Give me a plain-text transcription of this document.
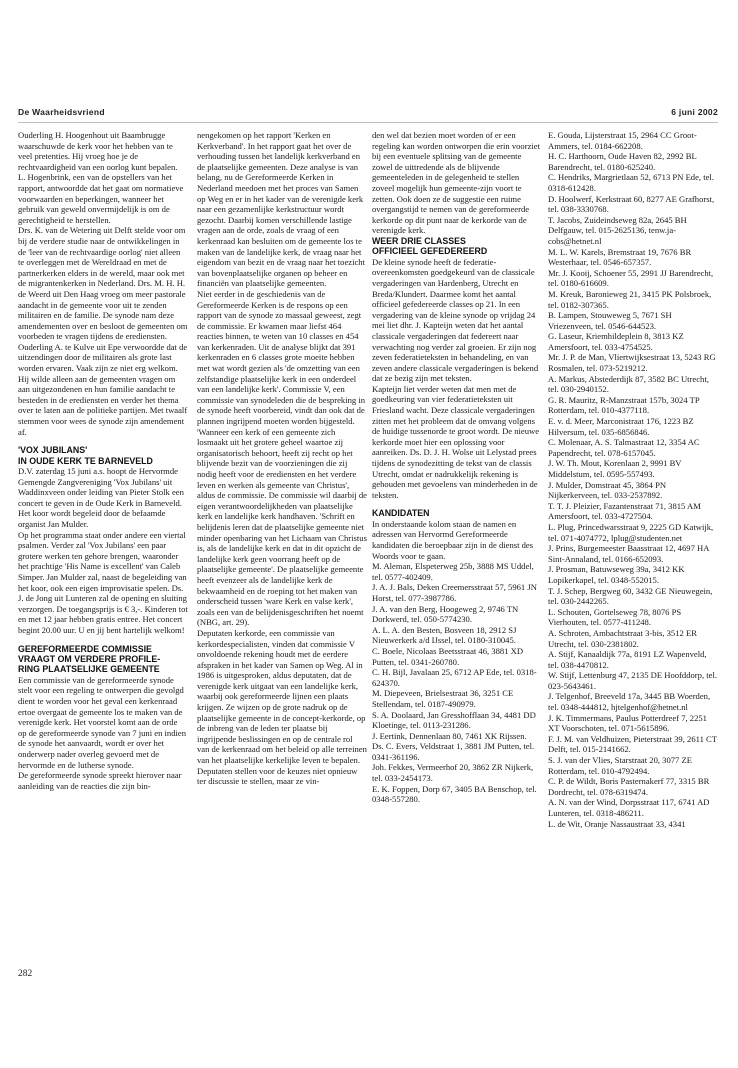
De Waarheidsvriend	6 juni 2002

Ouderling H. Hoogenhout uit Baambrugge waarschuwde de kerk voor het hebben van te veel pretenties. Hij vroeg hoe je de rechtvaardigheid van een oorlog kunt bepalen.

L. Hogenbrink, een van de opstellers van het rapport, antwoordde dat het gaat om normatieve voorwaarden en beperkingen, wanneer het gebruik van geweld onvermijdelijk is om de gerechtigheid te herstellen.

Drs. K. van de Wetering uit Delft stelde voor om bij de verdere studie naar de ontwikkelingen in de 'leer van de rechtvaardige oorlog' niet alleen te overleggen met de Wereldraad en met de partnerkerken elders in de wereld, maar ook met de migrantenkerken in Nederland. Drs. M. H. H. de Weerd uit Den Haag vroeg om meer pastorale aandacht in de gemeente voor uit te zenden militairen en de familie. De synode nam deze amendementen over en besloot de gemeenten om voorbeden te vragen tijdens de erediensten.

Ouderling A. te Kulve uit Epe verwoordde dat de uitzendingen door de militairen als grote last worden ervaren. Vaak zijn ze niet erg welkom. Hij wilde alleen aan de gemeenten vragen om aan uitgezondenen en hun familie aandacht te besteden in de erediensten en verder het thema over te laten aan de politieke partijen. Met twaalf stemmen voor wees de synode zijn amendement af.

'VOX JUBILANS'
IN OUDE KERK TE BARNEVELD

D.V. zaterdag 15 juni a.s. hoopt de Hervormde Gemengde Zangvereniging 'Vox Jubilans' uit Waddinxveen onder leiding van Pieter Stolk een concert te geven in de Oude Kerk in Barneveld. Het koor wordt begeleid door de befaamde organist Jan Mulder.

Op het programma staat onder andere een viertal psalmen. Verder zal 'Vox Jubilans' een paar grotere werken ten gehore brengen, waaronder het prachtige 'His Name is excellent' van Caleb Simper. Jan Mulder zal, naast de begeleiding van het koor, ook een eigen improvisatie spelen. Ds. J. de Jong uit Lunteren zal de opening en sluiting verzorgen. De toegangsprijs is € 3,-. Kinderen tot en met 12 jaar hebben gratis entree. Het concert begint 20.00 uur. U en jij bent hartelijk welkom!

GEREFORMEERDE COMMISSIE
VRAAGT OM VERDERE PROFILE-
RING PLAATSELIJKE GEMEENTE

Een commissie van de gereformeerde synode stelt voor een regeling te ontwerpen die gevolgd dient te worden voor het geval een kerkenraad ertoe overgaat de gemeente los te maken van de verenigde kerk. Het voorstel komt aan de orde op de gereformeerde synode van 7 juni en indien de synode het aanvaardt, wordt er over het onderwerp nader overleg gevoerd met de hervormde en de lutherse synode.

De gereformeerde synode spreekt hierover naar aanleiding van de reacties die zijn bin-

nengekomen op het rapport 'Kerken en Kerkverband'. In het rapport gaat het over de verhouding tussen het landelijk kerkverband en de plaatselijke gemeenten. Deze analyse is van belang, nu de Gereformeerde Kerken in Nederland meedoen met het proces van Samen op Weg en er in het kader van de verenigde kerk naar een gezamenlijke kerkstructuur wordt gezocht. Daarbij komen verschillende lastige vragen aan de orde, zoals de vraag of een kerkenraad kan besluiten om de gemeente los te maken van de landelijke kerk, de vraag naar het eigendom van bezit en de vraag naar het toezicht van bovenplaatselijke organen op beheer en financiën van plaatselijke gemeenten.

Niet eerder in de geschiedenis van de Gereformeerde Kerken is de respons op een rapport van de synode zo massaal geweest, zegt de commissie. Er kwamen maar liefst 464 reacties binnen, te weten van 10 classes en 454 van kerkenraden. Uit de analyse blijkt dat 391 kerkenraden en 6 classes grote moeite hebben met wat wordt gezien als 'de omzetting van een zelfstandige plaatselijke kerk in een onderdeel van een landelijke kerk'. Commissie V, een commissie van synodeleden die de bespreking in de synode heeft voorbereid, vindt dan ook dat de plannen ingrijpend moeten worden bijgesteld. 'Wanneer een kerk of een gemeente zich losmaakt uit het grotere geheel waartoe zij organisatorisch behoort, heeft zij recht op het blijvende bezit van de voorzieningen die zij nodig heeft voor de erediensten en het verdere leven en werken als gemeente van Christus', aldus de commissie. De commissie wil daarbij de eigen verantwoordelijkheden van plaatselijke kerk en landelijke kerk handhaven. 'Schrift en belijdenis leren dat de plaatselijke gemeente niet minder openbaring van het Lichaam van Christus is, als de landelijke kerk en dat in dit opzicht de landelijke kerk geen voorrang heeft op de plaatselijke gemeente'. De plaatselijke gemeente heeft evenzeer als de landelijke kerk de bekwaamheid en de roeping tot het maken van onderscheid tussen 'ware Kerk en valse kerk', zoals een van de belijdenisgeschriften het noemt (NBG, art. 29).

Deputaten kerkorde, een commissie van kerkordespecialisten, vinden dat commissie V onvoldoende rekening houdt met de eerdere afspraken in het kader van Samen op Weg. Al in 1986 is uitgesproken, aldus deputaten, dat de verenigde kerk uitgaat van een landelijke kerk, waarbij ook gereformeerde lijnen een plaats krijgen. Ze wijzen op de grote nadruk op de plaatselijke gemeente in de concept-kerkorde, op de inbreng van de leden ter plaatse bij ingrijpende beslissingen en op de centrale rol van de kerkenraad om het beleid op alle terreinen van het plaatselijke kerkelijke leven te bepalen.

Deputaten stellen voor de keuzes niet opnieuw ter discussie te stellen, maar ze vin-

den wel dat bezien moet worden of er een regeling kan worden ontworpen die erin voorziet bij een eventuele splitsing van de gemeente zowel de uittredende als de blijvende gemeenteleden in de gelegenheid te stellen zoveel mogelijk hun gemeente-zijn voort te zetten. Ook doen ze de suggestie een ruime overgangstijd te nemen van de gereformeerde kerkorde op dit punt naar de kerkorde van de verenigde kerk.

WEER DRIE CLASSES
OFFICIEEL GEFEDEREERD

De kleine synode heeft de federatie-overeenkomsten goedgekeurd van de classicale vergaderingen van Hardenberg, Utrecht en Breda/Klundert. Daarmee komt het aantal officieel gefedereerde classes op 21. In een vergadering van de kleine synode op vrijdag 24 mei liet dhr. J. Kapteijn weten dat het aantal classicale vergaderingen dat federeert naar verwachting nog verder zal groeien. Er zijn nog zeven federatieteksten in behandeling, en van zeven andere classicale vergaderingen is bekend dat ze bezig zijn met teksten.

Kapteijn liet verder weten dat men met de goedkeuring van vier federatieteksten uit Friesland wacht. Deze classicale vergaderingen zitten met het probleem dat de omvang volgens de huidige tussenorde te groot wordt. De nieuwe kerkorde moet hier een oplossing voor aanreiken. Ds. D. J. H. Wolse uit Lelystad prees tijdens de synodezitting de tekst van de classis Utrecht, omdat er nadrukkelijk rekening is gehouden met gevoelens van minderheden in de teksten.

KANDIDATEN

In onderstaande kolom staan de namen en adressen van Hervormd Gereformeerde kandidaten die beroepbaar zijn in de dienst des Woords voor te gaan.

M. Aleman, Elspeterweg 25b, 3888 MS Uddel, tel. 0577-402409.

J. A. J. Bals, Deken Creemersstraat 57, 5961 JN Horst, tel. 077-3987786.

J. A. van den Berg, Hoogeweg 2, 9746 TN Dorkwerd, tel. 050-5774230.

A. L. A. den Besten, Bosveen 18, 2912 SJ Nieuwerkerk a/d IJssel, tel. 0180-310045.

C. Boele, Nicolaas Beetsstraat 46, 3881 XD Putten, tel. 0341-260780.

C. H. Bijl, Javalaan 25, 6712 AP Ede, tel. 0318-624370.

M. Diepeveen, Brielsestraat 36, 3251 CE Stellendam, tel. 0187-490979.

S. A. Doolaard, Jan Gresshofflaan 34, 4481 DD Kloetinge, tel. 0113-231286.

J. Eertink, Dennenlaan 80, 7461 XK Rijssen.

Ds. C. Evers, Veldstraat 1, 3881 JM Putten, tel. 0341-361196.

Joh. Fekkes, Vermeerhof 20, 3862 ZR Nijkerk, tel. 033-2454173.

E. K. Foppen, Dorp 67, 3405 BA Benschop, tel. 0348-557280.

E. Gouda, Lijsterstraat 15, 2964 CC Groot-Ammers, tel. 0184-662208.

H. C. Harthoorn, Oude Haven 82, 2992 BL Barendrecht, tel. 0180-625240.

C. Hendriks, Margrietlaan 52, 6713 PN Ede, tel. 0318-612428.

D. Hoolwerf, Kerkstraat 60, 8277 AE Grafhorst, tel. 038-3330768.

T. Jacobs, Zuideindseweg 82a, 2645 BH Delfgauw, tel. 015-2625136, tenw.ja-cobs@hetnet.nl

M. L. W. Karels, Bremstraat 19, 7676 BR Westerhaar, tel. 0546-657357.

Mr. J. Kooij, Schoener 55, 2991 JJ Barendrecht, tel. 0180-616609.

M. Kreuk, Baronieweg 21, 3415 PK Polsbroek, tel. 0182-307365.

B. Lampen, Stouweweg 5, 7671 SH Vriezenveen, tel. 0546-644523.

G. Laseur, Kriemhildeplein 8, 3813 KZ Amersfoort, tel. 033-4754525.

Mr. J. P. de Man, Vliertwijksestraat 13, 5243 RG Rosmalen, tel. 073-5219212.

A. Markus, Abstederdijk 87, 3582 BC Utrecht, tel. 030-2940152.

G. R. Mauritz, R-Manzstraat 157b, 3024 TP Rotterdam, tel. 010-4377118.

E. v. d. Meer, Marconistraat 176, 1223 BZ Hilversum, tel. 035-6856846.

C. Molenaar, A. S. Talmastraat 12, 3354 AC Papendrecht, tel. 078-6157045.

J. W. Th. Mout, Korenlaan 2, 9991 BV Middelstum, tel. 0595-557493.

J. Mulder, Domstraat 45, 3864 PN Nijkerkerveen, tel. 033-2537892.

T. T. J. Pleizier, Fazantenstraat 71, 3815 AM Amersfoort, tel. 033-4727504.

L. Plug, Princedwarsstraat 9, 2225 GD Katwijk, tel. 071-4074772, lplug@studenten.net

J. Prins, Burgemeester Baasstraat 12, 4697 HA Sint-Annaland, tel. 0166-652093.

J. Prosman, Batuwseweg 39a, 3412 KK Lopikerkapel, tel. 0348-552015.

T. J. Schep, Bergweg 60, 3432 GE Nieuwegein, tel. 030-2442265.

L. Schouten, Gortelseweg 78, 8076 PS Vierhouten, tel. 0577-411248.

A. Schroten, Ambachtstraat 3-bis, 3512 ER Utrecht, tel. 030-2381802.

A. Stijf, Kanaaldijk 77a, 8191 LZ Wapenveld, tel. 038-4470812.

W. Stijf, Lettenburg 47, 2135 DE Hoofddorp, tel. 023-5643461.

J. Telgenhof, Breeveld 17a, 3445 BB Woerden, tel. 0348-444812, hjtelgenhof@hetnet.nl

J. K. Timmermans, Paulus Potterdreef 7, 2251 XT Voorschoten, tel. 071-5615896.

F. J. M. van Veldhuizen, Pieterstraat 39, 2611 CT Delft, tel. 015-2141662.

S. J. van der Vlies, Starstraat 20, 3077 ZE Rotterdam, tel. 010-4792494.

C. P. de Wildt, Boris Pasternakerf 77, 3315 BR Dordrecht, tel. 078-6319474.

A. N. van der Wind, Dorpsstraat 117, 6741 AD Lunteren, tel. 0318-486211.

L. de Wit, Oranje Nassaustraat 33, 4341

282
